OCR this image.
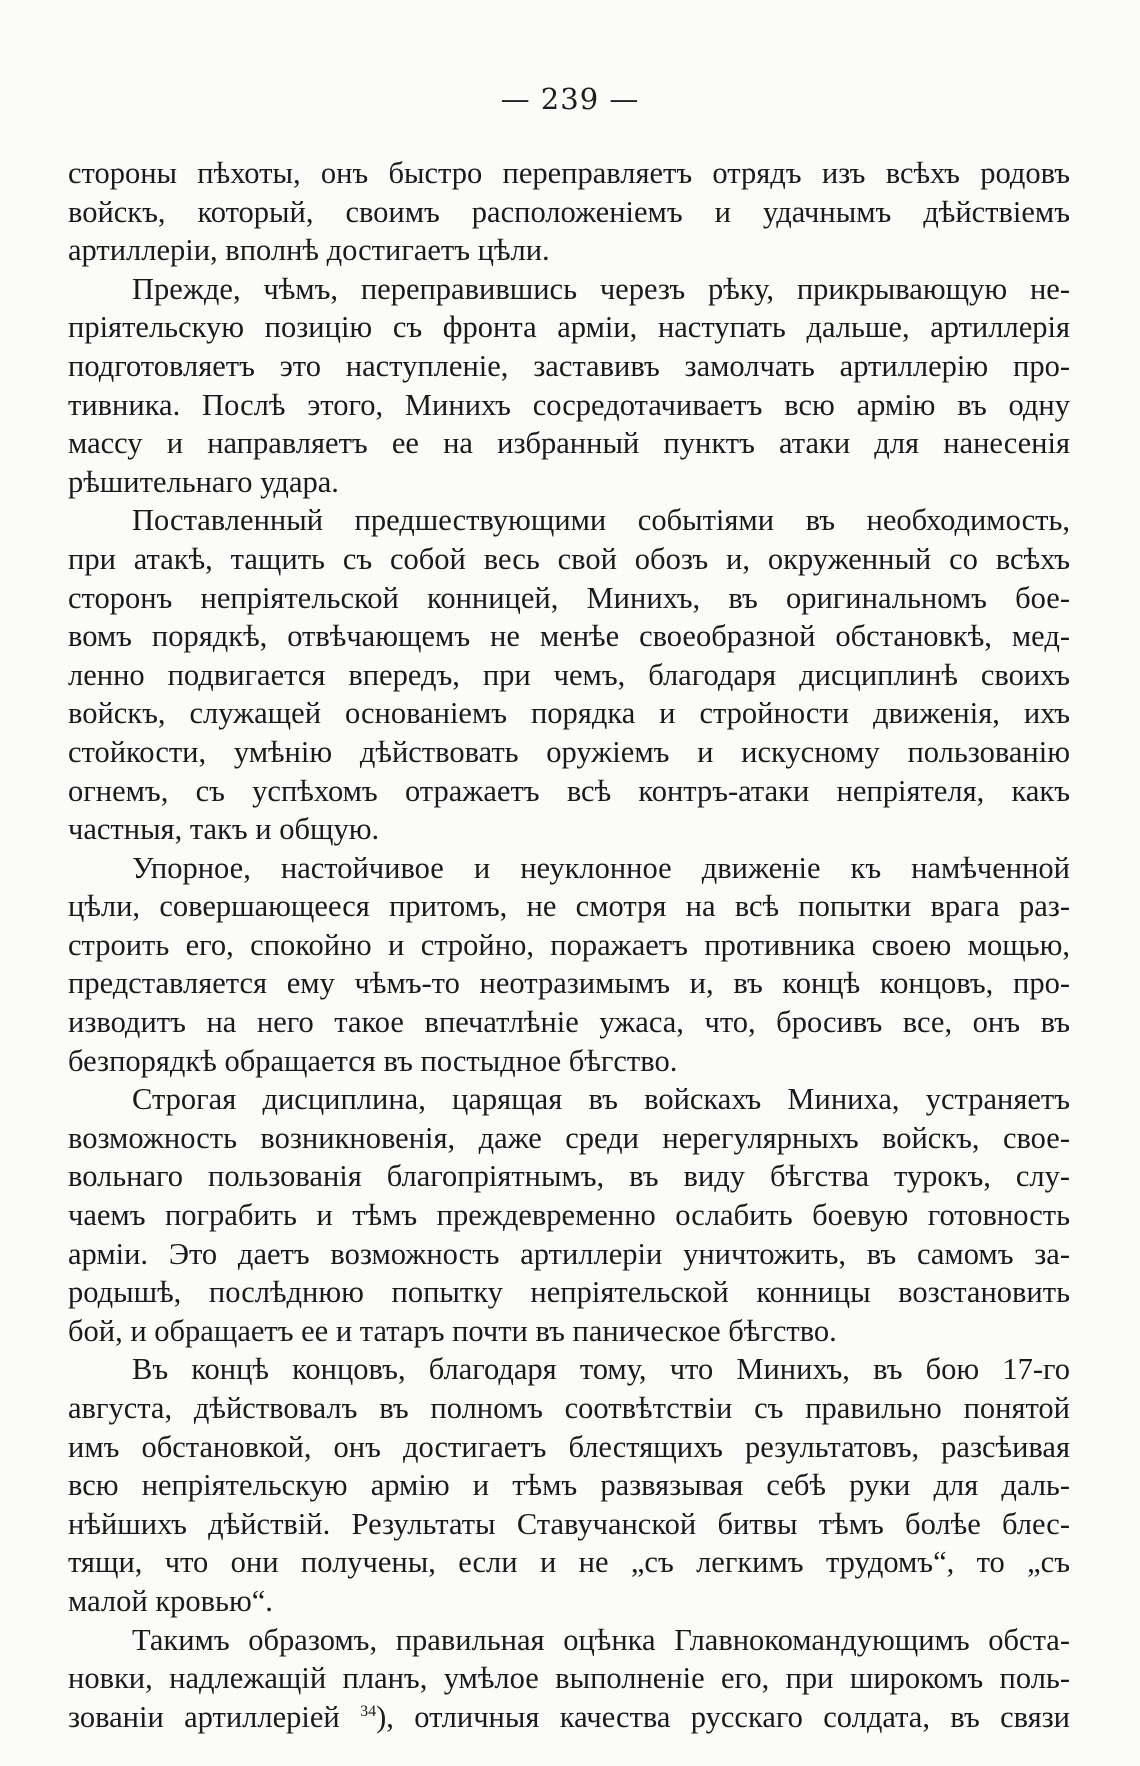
— 239 —
стороны пѣхоты, онъ быстро переправляетъ отрядъ изъ всѣхъ родовъ
войскъ, который, своимъ расположеніемъ и удачнымъ дѣйствіемъ
артиллеріи, вполнѣ достигаетъ цѣли.
Прежде, чѣмъ, переправившись черезъ рѣку, прикрывающую не-
пріятельскую позицію съ фронта арміи, наступать дальше, артиллерія
подготовляетъ это наступленіе, заставивъ замолчать артиллерію про-
тивника. Послѣ этого, Минихъ сосредотачиваетъ всю армію въ одну
массу и направляетъ ее на избранный пунктъ атаки для нанесенія
рѣшительнаго удара.
Поставленный предшествующими событіями въ необходимость,
при атакѣ, тащить съ собой весь свой обозъ и, окруженный со всѣхъ
сторонъ непріятельской конницей, Минихъ, въ оригинальномъ бое-
вомъ порядкѣ, отвѣчающемъ не менѣе своеобразной обстановкѣ, мед-
ленно подвигается впередъ, при чемъ, благодаря дисциплинѣ своихъ
войскъ, служащей основаніемъ порядка и стройности движенія, ихъ
стойкости, умѣнію дѣйствовать оружіемъ и искусному пользованію
огнемъ, съ успѣхомъ отражаетъ всѣ контръ-атаки непріятеля, какъ
частныя, такъ и общую.
Упорное, настойчивое и неуклонное движеніе къ намѣченной
цѣли, совершающееся притомъ, не смотря на всѣ попытки врага раз-
строить его, спокойно и стройно, поражаетъ противника своею мощью,
представляется ему чѣмъ-то неотразимымъ и, въ концѣ концовъ, про-
изводитъ на него такое впечатлѣніе ужаса, что, бросивъ все, онъ въ
безпорядкѣ обращается въ постыдное бѣгство.
Строгая дисциплина, царящая въ войскахъ Миниха, устраняетъ
возможность возникновенія, даже среди нерегулярныхъ войскъ, свое-
вольнаго пользованія благопріятнымъ, въ виду бѣгства турокъ, слу-
чаемъ пограбить и тѣмъ преждевременно ослабить боевую готовность
арміи. Это даетъ возможность артиллеріи уничтожить, въ самомъ за-
родышѣ, послѣднюю попытку непріятельской конницы возстановить
бой, и обращаетъ ее и татаръ почти въ паническое бѣгство.
Въ концѣ концовъ, благодаря тому, что Минихъ, въ бою 17-го
августа, дѣйствовалъ въ полномъ соотвѣтствіи съ правильно понятой
имъ обстановкой, онъ достигаетъ блестящихъ результатовъ, разсѣивая
всю непріятельскую армію и тѣмъ развязывая себѣ руки для даль-
нѣйшихъ дѣйствій. Результаты Ставучанской битвы тѣмъ болѣе блес-
тящи, что они получены, если и не „съ легкимъ трудомъ“, то „съ
малой кровью“.
Такимъ образомъ, правильная оцѣнка Главнокомандующимъ обста-
новки, надлежащій планъ, умѣлое выполненіе его, при широкомъ поль-
зованіи артиллеріей $^{34}$), отличныя качества русскаго солдата, въ связи
